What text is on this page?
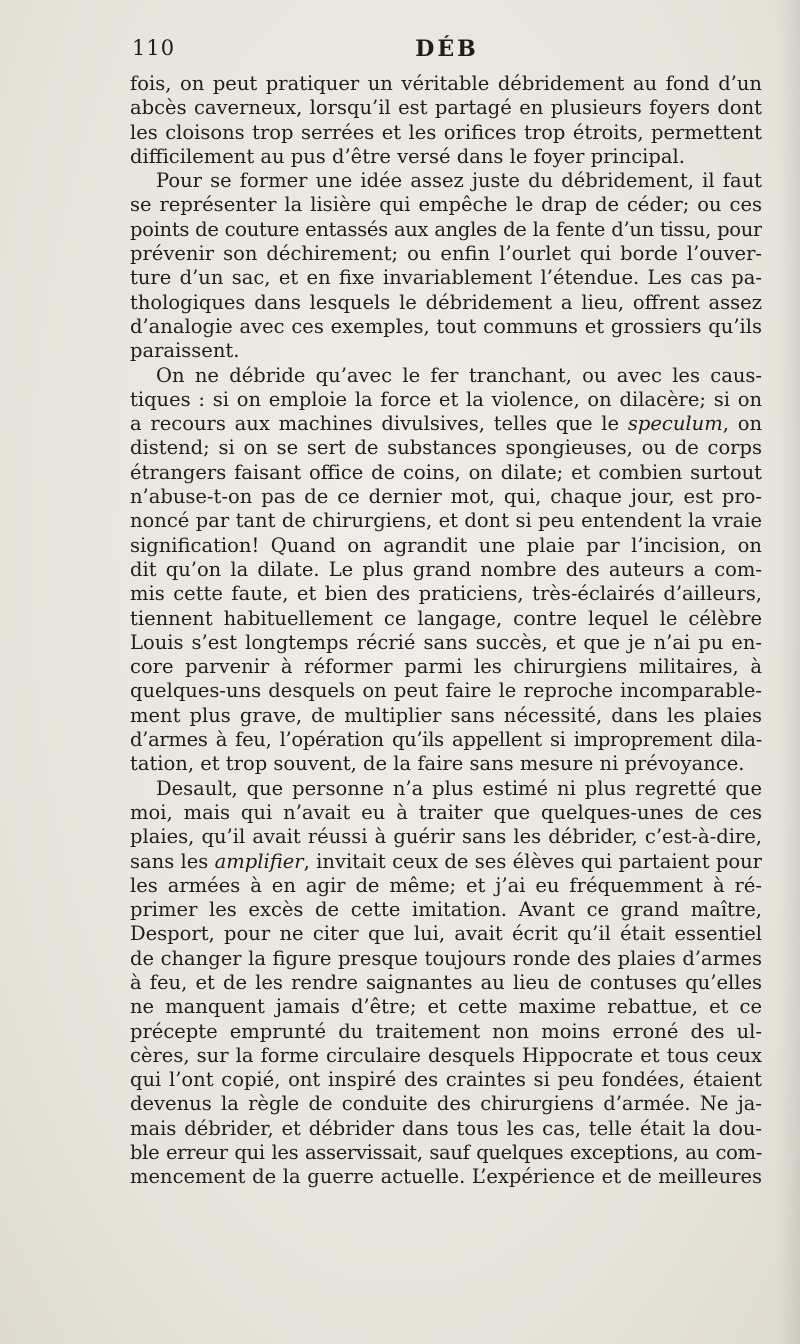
110	DÉB
fois, on peut pratiquer un véritable débridement au fond d’un
abcès caverneux, lorsqu’il est partagé en plusieurs foyers dont
les cloisons trop serrées et les orifices trop étroits, permettent
difficilement au pus d’être versé dans le foyer principal.
Pour se former une idée assez juste du débridement, il faut
se représenter la lisière qui empêche le drap de céder; ou ces
points de couture entassés aux angles de la fente d’un tissu, pour
prévenir son déchirement; ou enfin l’ourlet qui borde l’ouver-
ture d’un sac, et en fixe invariablement l’étendue. Les cas pa-
thologiques dans lesquels le débridement a lieu, offrent assez
d’analogie avec ces exemples, tout communs et grossiers qu’ils
paraissent.
On ne débride qu’avec le fer tranchant, ou avec les caus-
tiques : si on emploie la force et la violence, on dilacère; si on
a recours aux machines divulsives, telles que le speculum, on
distend; si on se sert de substances spongieuses, ou de corps
étrangers faisant office de coins, on dilate; et combien surtout
n’abuse-t-on pas de ce dernier mot, qui, chaque jour, est pro-
noncé par tant de chirurgiens, et dont si peu entendent la vraie
signification! Quand on agrandit une plaie par l’incision, on
dit qu’on la dilate. Le plus grand nombre des auteurs a com-
mis cette faute, et bien des praticiens, très-éclairés d’ailleurs,
tiennent habituellement ce langage, contre lequel le célèbre
Louis s’est longtemps récrié sans succès, et que je n’ai pu en-
core parvenir à réformer parmi les chirurgiens militaires, à
quelques-uns desquels on peut faire le reproche incomparable-
ment plus grave, de multiplier sans nécessité, dans les plaies
d’armes à feu, l’opération qu’ils appellent si improprement dila-
tation, et trop souvent, de la faire sans mesure ni prévoyance.
Desault, que personne n’a plus estimé ni plus regretté que
moi, mais qui n’avait eu à traiter que quelques-unes de ces
plaies, qu’il avait réussi à guérir sans les débrider, c’est-à-dire,
sans les amplifier, invitait ceux de ses élèves qui partaient pour
les armées à en agir de même; et j’ai eu fréquemment à ré-
primer les excès de cette imitation. Avant ce grand maître,
Desport, pour ne citer que lui, avait écrit qu’il était essentiel
de changer la figure presque toujours ronde des plaies d’armes
à feu, et de les rendre saignantes au lieu de contuses qu’elles
ne manquent jamais d’être; et cette maxime rebattue, et ce
précepte emprunté du traitement non moins erroné des ul-
cères, sur la forme circulaire desquels Hippocrate et tous ceux
qui l’ont copié, ont inspiré des craintes si peu fondées, étaient
devenus la règle de conduite des chirurgiens d’armée. Ne ja-
mais débrider, et débrider dans tous les cas, telle était la dou-
ble erreur qui les asservissait, sauf quelques exceptions, au com-
mencement de la guerre actuelle. L’expérience et de meilleures
